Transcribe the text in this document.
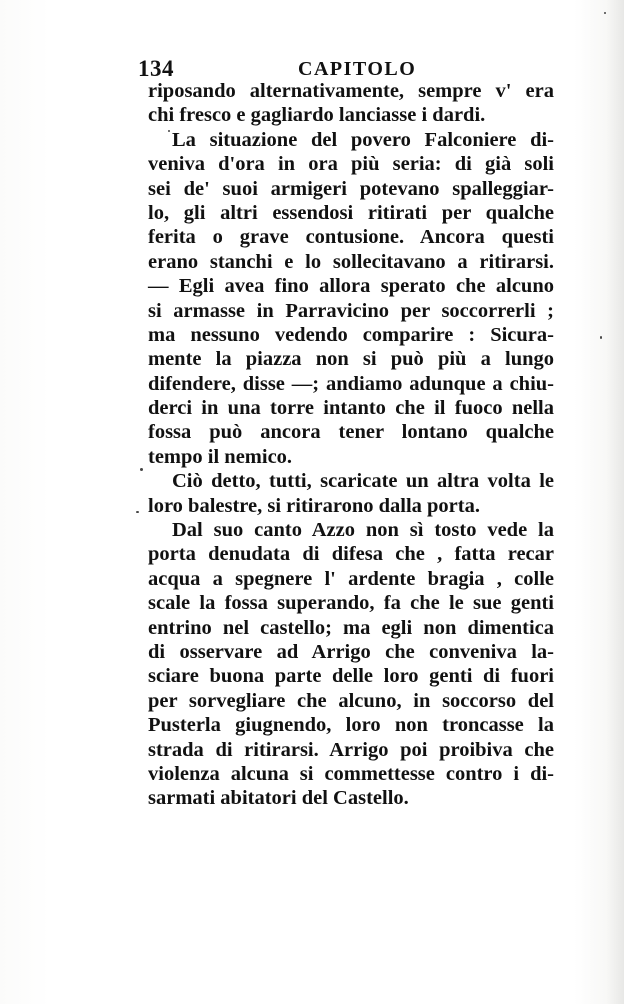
134	CAPITOLO
riposando alternativamente, sempre v' era
chi fresco e gagliardo lanciasse i dardi.
La situazione del povero Falconiere di-
veniva d'ora in ora più seria: di già soli
sei de' suoi armigeri potevano spalleggiar-
lo, gli altri essendosi ritirati per qualche
ferita o grave contusione. Ancora questi
erano stanchi e lo sollecitavano a ritirarsi.
— Egli avea fino allora sperato che alcuno
si armasse in Parravicino per soccorrerli ;
ma nessuno vedendo comparire : Sicura-
mente la piazza non si può più a lungo
difendere, disse —; andiamo adunque a chiu-
derci in una torre intanto che il fuoco nella
fossa può ancora tener lontano qualche
tempo il nemico.
Ciò detto, tutti, scaricate un altra volta le
loro balestre, si ritirarono dalla porta.
Dal suo canto Azzo non sì tosto vede la
porta denudata di difesa che , fatta recar
acqua a spegnere l' ardente bragia , colle
scale la fossa superando, fa che le sue genti
entrino nel castello; ma egli non dimentica
di osservare ad Arrigo che conveniva la-
sciare buona parte delle loro genti di fuori
per sorvegliare che alcuno, in soccorso del
Pusterla giugnendo, loro non troncasse la
strada di ritirarsi. Arrigo poi proibiva che
violenza alcuna si commettesse contro i di-
sarmati abitatori del Castello.
